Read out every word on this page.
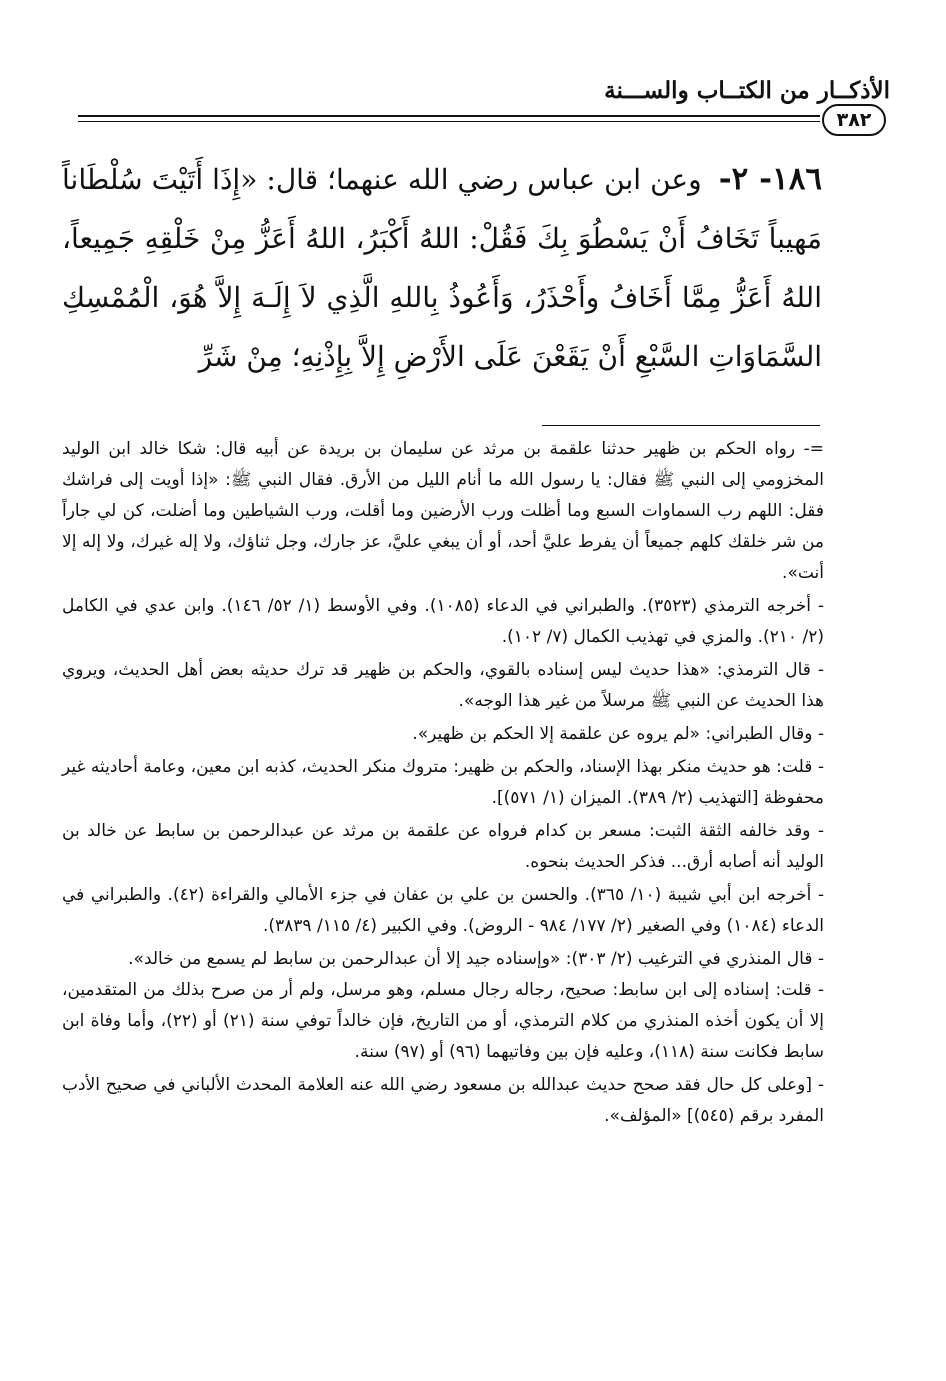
الأذكــار من الكتــاب والســـنة
٣٨٢
١٨٦- ٢- وعن ابن عباس رضي الله عنهما؛ قال: «إِذَا أَتَيْتَ سُلْطَاناً مَهيباً تَخَافُ أَنْ يَسْطُوَ بِكَ فَقُلْ: اللهُ أَكْبَرُ، اللهُ أَعَزُّ مِنْ خَلْقِهِ جَمِيعاً، اللهُ أَعَزُّ مِمَّا أَخَافُ وأَحْذَرُ، وَأَعُوذُ بِاللهِ الَّذِي لاَ إِلَـهَ إِلاَّ هُوَ، الْمُمْسِكِ السَّمَاوَاتِ السَّبْعِ أَنْ يَقَعْنَ عَلَى الأَرْضِ إِلاَّ بِإِذْنِهِ؛ مِنْ شَرِّ

=- رواه الحكم بن ظهير حدثنا علقمة بن مرثد عن سليمان بن بريدة عن أبيه قال: شكا خالد ابن الوليد المخزومي إلى النبي ﷺ فقال: يا رسول الله ما أنام الليل من الأرق. فقال النبي ﷺ: «إذا أويت إلى فراشك فقل: اللهم رب السماوات السبع وما أظلت ورب الأرضين وما أقلت، ورب الشياطين وما أضلت، كن لي جاراً من شر خلقك كلهم جميعاً أن يفرط عليَّ أحد، أو أن يبغي عليَّ، عز جارك، وجل ثناؤك، ولا إله غيرك، ولا إله إلا أنت».

- أخرجه الترمذي (٣٥٢٣). والطبراني في الدعاء (١٠٨٥). وفي الأوسط (١/ ٥٢/ ١٤٦). وابن عدي في الكامل (٢/ ٢١٠). والمزي في تهذيب الكمال (٧/ ١٠٢).

- قال الترمذي: «هذا حديث ليس إسناده بالقوي، والحكم بن ظهير قد ترك حديثه بعض أهل الحديث، ويروي هذا الحديث عن النبي ﷺ مرسلاً من غير هذا الوجه».

- وقال الطبراني: «لم يروه عن علقمة إلا الحكم بن ظهير».

- قلت: هو حديث منكر بهذا الإسناد، والحكم بن ظهير: متروك منكر الحديث، كذبه ابن معين، وعامة أحاديثه غير محفوظة [التهذيب (٢/ ٣٨٩). الميزان (١/ ٥٧١)].

- وقد خالفه الثقة الثبت: مسعر بن كدام فرواه عن علقمة بن مرثد عن عبدالرحمن بن سابط عن خالد بن الوليد أنه أصابه أرق... فذكر الحديث بنحوه.

- أخرجه ابن أبي شيبة (١٠/ ٣٦٥). والحسن بن علي بن عفان في جزء الأمالي والقراءة (٤٢). والطبراني في الدعاء (١٠٨٤) وفي الصغير (٢/ ١٧٧/ ٩٨٤ - الروض). وفي الكبير (٤/ ١١٥/ ٣٨٣٩).

- قال المنذري في الترغيب (٢/ ٣٠٣): «وإسناده جيد إلا أن عبدالرحمن بن سابط لم يسمع من خالد».

- قلت: إسناده إلى ابن سابط: صحيح، رجاله رجال مسلم، وهو مرسل، ولم أر من صرح بذلك من المتقدمين، إلا أن يكون أخذه المنذري من كلام الترمذي، أو من التاريخ، فإن خالداً توفي سنة (٢١) أو (٢٢)، وأما وفاة ابن سابط فكانت سنة (١١٨)، وعليه فإن بين وفاتيهما (٩٦) أو (٩٧) سنة.

- [وعلى كل حال فقد صحح حديث عبدالله بن مسعود رضي الله عنه العلامة المحدث الألباني في صحيح الأدب المفرد برقم (٥٤٥)] «المؤلف».
